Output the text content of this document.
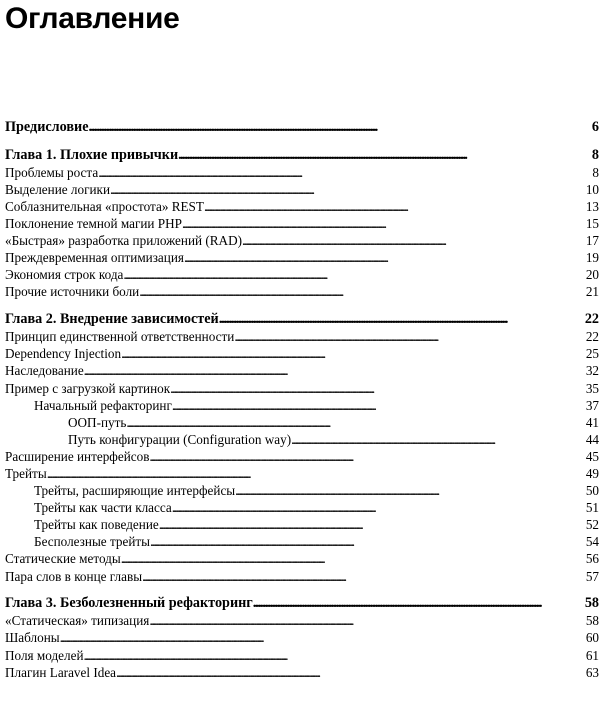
Оглавление
Предисловие . . .	6
Глава 1. Плохие привычки . . .	8
Проблемы роста . . .	8
Выделение логики . . .	10
Соблазнительная «простота» REST . . .	13
Поклонение темной магии PHP . . .	15
«Быстрая» разработка приложений (RAD) . . .	17
Преждевременная оптимизация . . .	19
Экономия строк кода . . .	20
Прочие источники боли . . .	21
Глава 2. Внедрение зависимостей . . .	22
Принцип единственной ответственности . . .	22
Dependency Injection . . .	25
Наследование . . .	32
Пример с загрузкой картинок . . .	35
Начальный рефакторинг . . .	37
ООП-путь . . .	41
Путь конфигурации (Configuration way) . . .	44
Расширение интерфейсов . . .	45
Трейты . . .	49
Трейты, расширяющие интерфейсы . . .	50
Трейты как части класса . . .	51
Трейты как поведение . . .	52
Бесполезные трейты . . .	54
Статические методы . . .	56
Пара слов в конце главы . . .	57
Глава 3. Безболезненный рефакторинг . . .	58
«Статическая» типизация . . .	58
Шаблоны . . .	60
Поля моделей . . .	61
Плагин Laravel Idea . . .	63
